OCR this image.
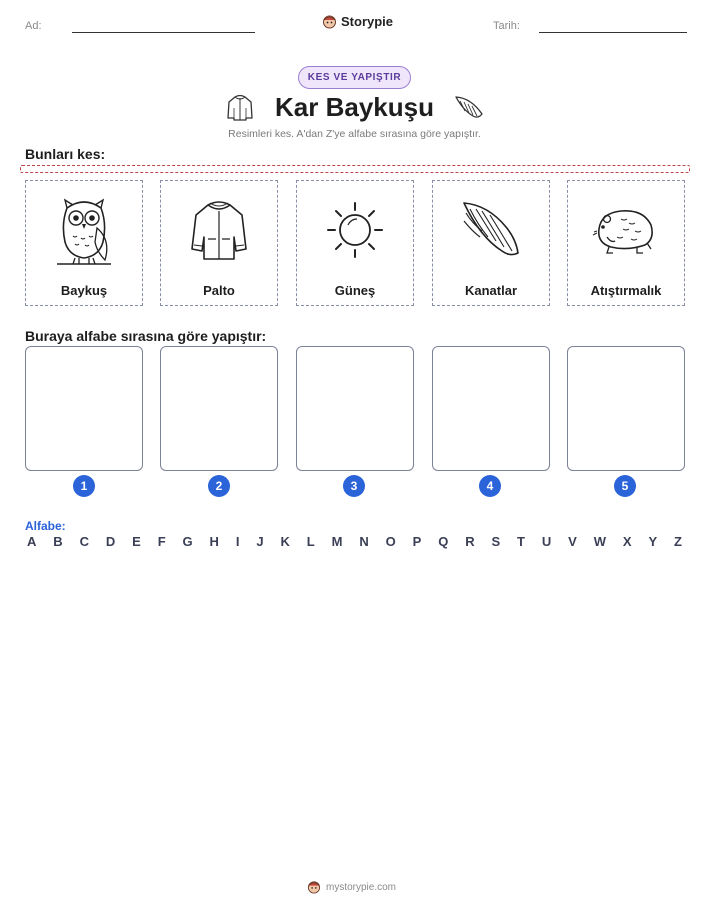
Ad:	Storypie	Tarih:
KES VE YAPIŞTIR
Kar Baykuşu
Resimleri kes. A'dan Z'ye alfabe sırasına göre yapıştır.
Bunları kes:
Baykuş	Palto	Güneş	Kanatlar	Atıştırmalık
Buraya alfabe sırasına göre yapıştır:
1	2	3	4	5
Alfabe:
A B C D E F G H I J K L M N O P Q R S T U V W X Y Z
mystorypie.com
